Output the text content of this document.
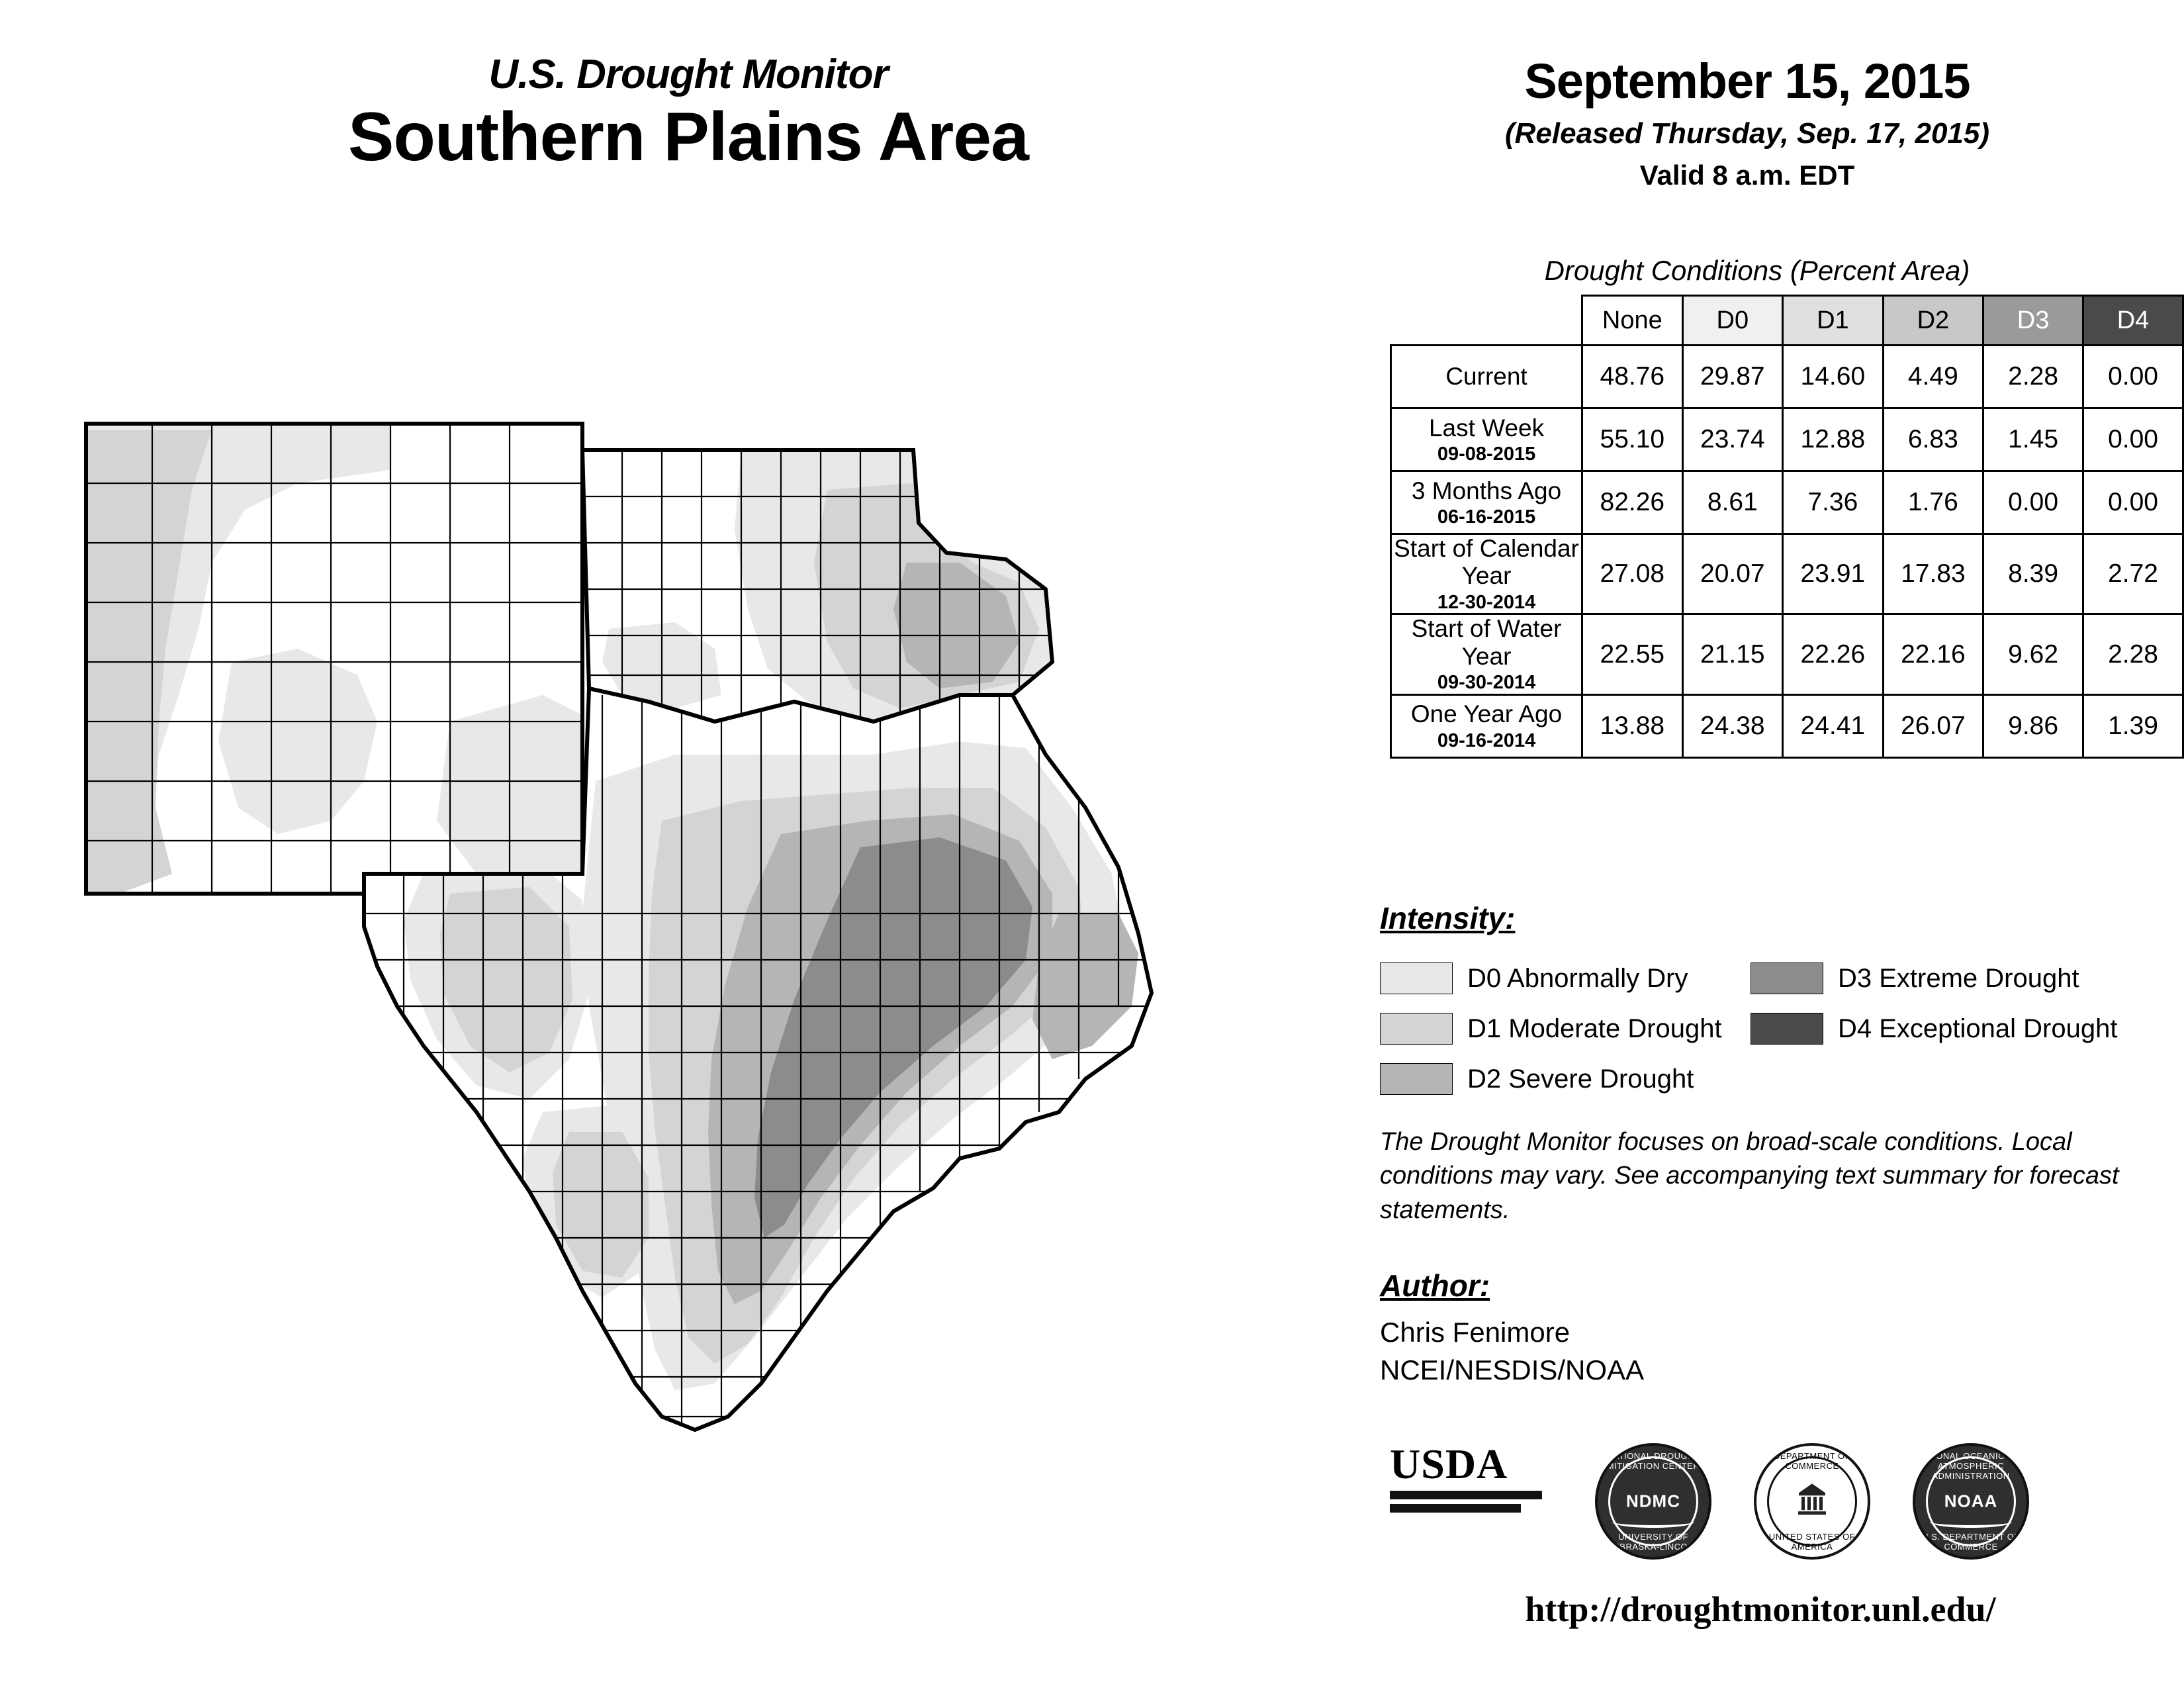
U.S. Drought Monitor
Southern Plains Area
September 15, 2015
(Released Thursday, Sep. 17, 2015)
Valid 8 a.m. EDT
Drought Conditions (Percent Area)
	None	D0	D1	D2	D3	D4
Current	48.76	29.87	14.60	4.49	2.28	0.00
Last Week
09-08-2015	55.10	23.74	12.88	6.83	1.45	0.00
3 Months Ago
06-16-2015	82.26	8.61	7.36	1.76	0.00	0.00
Start of Calendar Year
12-30-2014	27.08	20.07	23.91	17.83	8.39	2.72
Start of Water Year
09-30-2014	22.55	21.15	22.26	22.16	9.62	2.28
One Year Ago
09-16-2014	13.88	24.38	24.41	26.07	9.86	1.39
Intensity:
D0 Abnormally Dry
D1 Moderate Drought
D2 Severe Drought
D3 Extreme Drought
D4 Exceptional Drought
The Drought Monitor focuses on broad-scale conditions. Local conditions may vary. See accompanying text summary for forecast statements.
Author:
Chris Fenimore
NCEI/NESDIS/NOAA
USDA	NATIONAL DROUGHT MITIGATION CENTER
NDMC
UNIVERSITY OF NEBRASKA-LINCOLN
DEPARTMENT OF COMMERCE
UNITED STATES OF AMERICA
NATIONAL OCEANIC AND ATMOSPHERIC ADMINISTRATION
NOAA
U.S. DEPARTMENT OF COMMERCE
http://droughtmonitor.unl.edu/
